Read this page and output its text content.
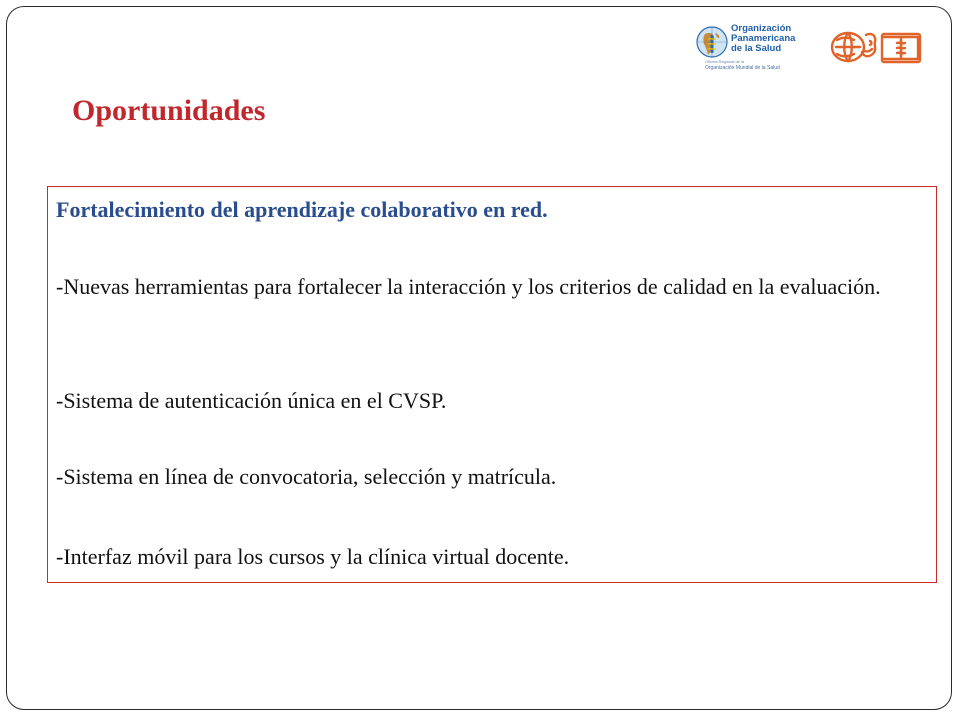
Organización
Panamericana
de la Salud
Oficina Regional de la
Organización Mundial de la Salud
Oportunidades

Fortalecimiento del aprendizaje colaborativo en red.

-Nuevas herramientas para fortalecer la interacción y los criterios de calidad en la evaluación.

-Sistema de autenticación única en el CVSP.

-Sistema en línea de convocatoria, selección y matrícula.

-Interfaz móvil para los cursos y la clínica virtual docente.
